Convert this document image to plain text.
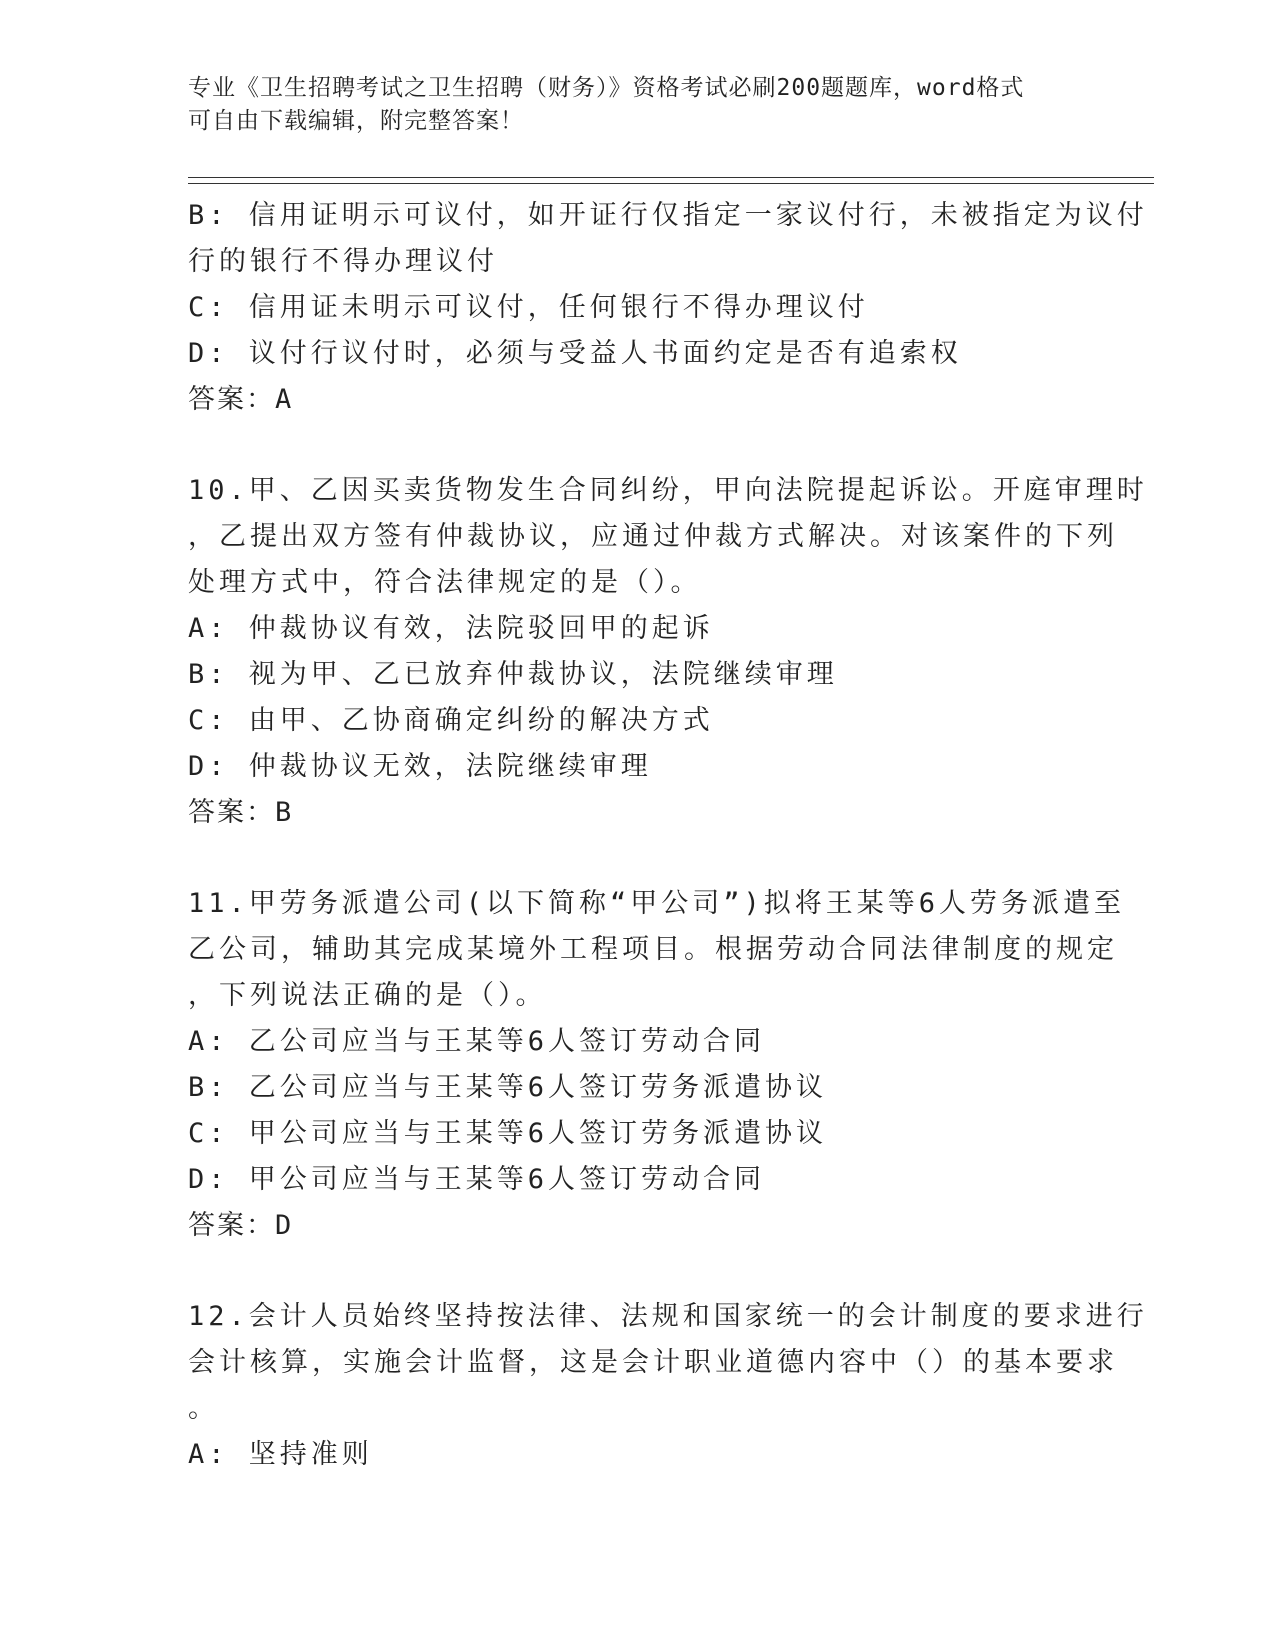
专业《卫生招聘考试之卫生招聘（财务）》资格考试必刷200题题库，word格式
可自由下载编辑，附完整答案！
B: 信用证明示可议付，如开证行仅指定一家议付行，未被指定为议付
行的银行不得办理议付
C: 信用证未明示可议付，任何银行不得办理议付
D: 议付行议付时，必须与受益人书面约定是否有追索权
答案：A
10.甲、乙因买卖货物发生合同纠纷，甲向法院提起诉讼。开庭审理时
，乙提出双方签有仲裁协议，应通过仲裁方式解决。对该案件的下列
处理方式中，符合法律规定的是（）。
A: 仲裁协议有效，法院驳回甲的起诉
B: 视为甲、乙已放弃仲裁协议，法院继续审理
C: 由甲、乙协商确定纠纷的解决方式
D: 仲裁协议无效，法院继续审理
答案：B
11.甲劳务派遣公司(以下简称“甲公司”)拟将王某等6人劳务派遣至
乙公司，辅助其完成某境外工程项目。根据劳动合同法律制度的规定
，下列说法正确的是（）。
A: 乙公司应当与王某等6人签订劳动合同
B: 乙公司应当与王某等6人签订劳务派遣协议
C: 甲公司应当与王某等6人签订劳务派遣协议
D: 甲公司应当与王某等6人签订劳动合同
答案：D
12.会计人员始终坚持按法律、法规和国家统一的会计制度的要求进行
会计核算，实施会计监督，这是会计职业道德内容中（）的基本要求
。
A: 坚持准则
